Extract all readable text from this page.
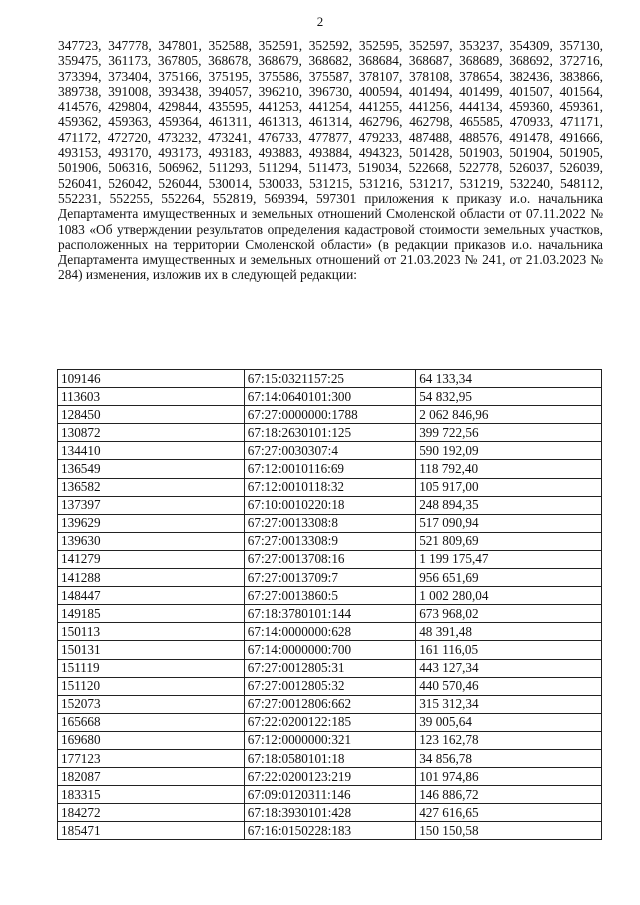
2

347723, 347778, 347801, 352588, 352591, 352592, 352595, 352597, 353237, 354309, 357130, 359475, 361173, 367805, 368678, 368679, 368682, 368684, 368687, 368689, 368692, 372716, 373394, 373404, 375166, 375195, 375586, 375587, 378107, 378108, 378654, 382436, 383866, 389738, 391008, 393438, 394057, 396210, 396730, 400594, 401494, 401499, 401507, 401564, 414576, 429804, 429844, 435595, 441253, 441254, 441255, 441256, 444134, 459360, 459361, 459362, 459363, 459364, 461311, 461313, 461314, 462796, 462798, 465585, 470933, 471171, 471172, 472720, 473232, 473241, 476733, 477877, 479233, 487488, 488576, 491478, 491666, 493153, 493170, 493173, 493183, 493883, 493884, 494323, 501428, 501903, 501904, 501905, 501906, 506316, 506962, 511293, 511294, 511473, 519034, 522668, 522778, 526037, 526039, 526041, 526042, 526044, 530014, 530033, 531215, 531216, 531217, 531219, 532240, 548112, 552231, 552255, 552264, 552819, 569394, 597301 приложения к приказу и.о. начальника Департамента имущественных и земельных отношений Смоленской области от 07.11.2022 № 1083 «Об утверждении результатов определения кадастровой стоимости земельных участков, расположенных на территории Смоленской области» (в редакции приказов и.о. начальника Департамента имущественных и земельных отношений от 21.03.2023 № 241, от 21.03.2023 № 284) изменения, изложив их в следующей редакции:

109146	67:15:0321157:25	64 133,34
113603	67:14:0640101:300	54 832,95
128450	67:27:0000000:1788	2 062 846,96
130872	67:18:2630101:125	399 722,56
134410	67:27:0030307:4	590 192,09
136549	67:12:0010116:69	118 792,40
136582	67:12:0010118:32	105 917,00
137397	67:10:0010220:18	248 894,35
139629	67:27:0013308:8	517 090,94
139630	67:27:0013308:9	521 809,69
141279	67:27:0013708:16	1 199 175,47
141288	67:27:0013709:7	956 651,69
148447	67:27:0013860:5	1 002 280,04
149185	67:18:3780101:144	673 968,02
150113	67:14:0000000:628	48 391,48
150131	67:14:0000000:700	161 116,05
151119	67:27:0012805:31	443 127,34
151120	67:27:0012805:32	440 570,46
152073	67:27:0012806:662	315 312,34
165668	67:22:0200122:185	39 005,64
169680	67:12:0000000:321	123 162,78
177123	67:18:0580101:18	34 856,78
182087	67:22:0200123:219	101 974,86
183315	67:09:0120311:146	146 886,72
184272	67:18:3930101:428	427 616,65
185471	67:16:0150228:183	150 150,58
